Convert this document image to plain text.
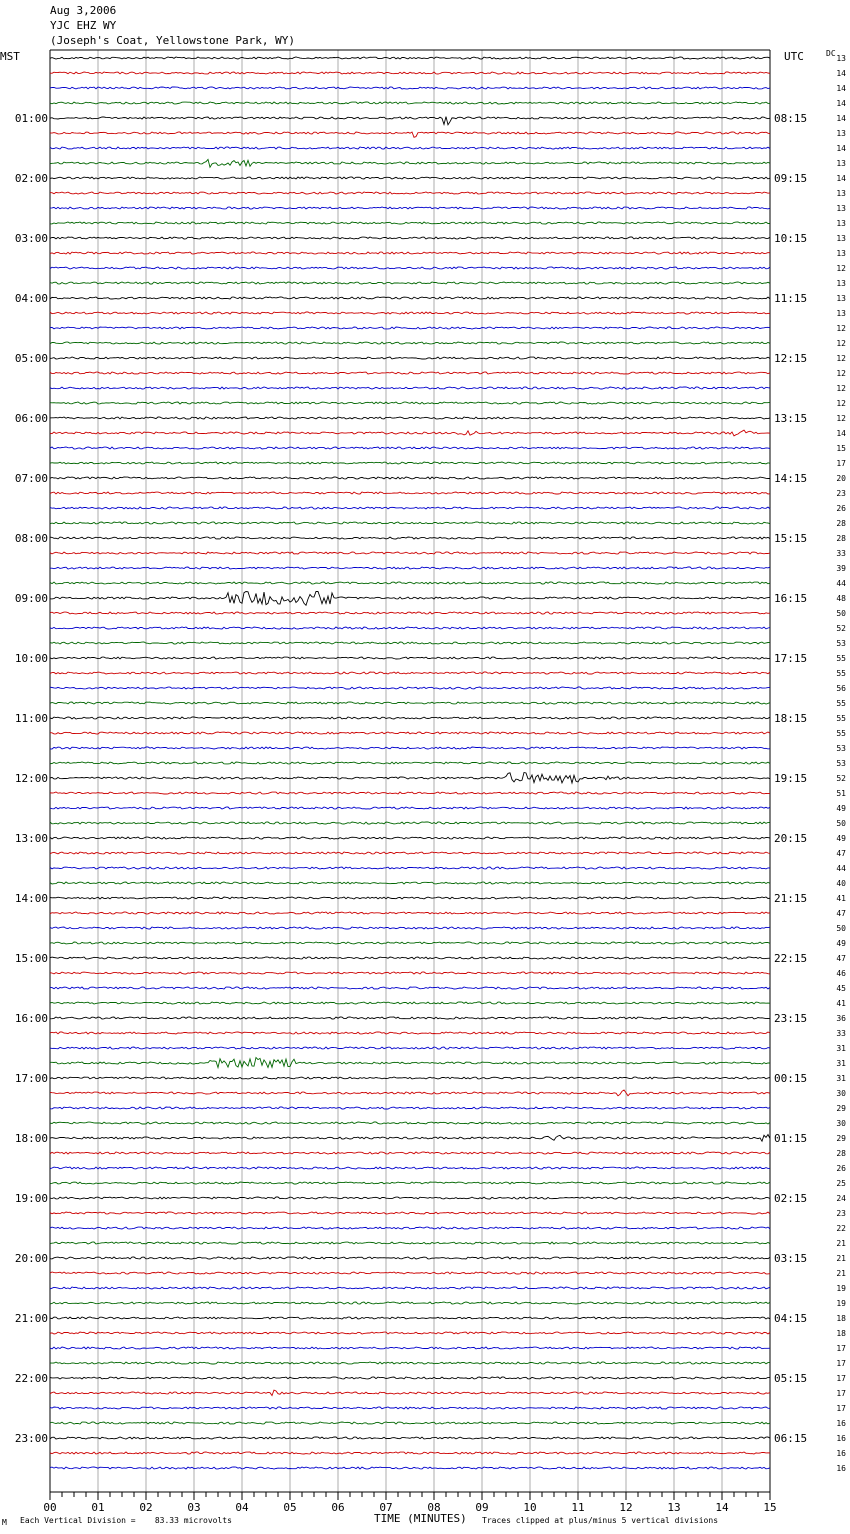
Aug 3,2006
YJC EHZ WY
(Joseph's Coat, Yellowstone Park, WY)
MST	UTC	DC
01:00
02:00
03:00
04:00
05:00
06:00
07:00
08:00
09:00
10:00
11:00
12:00
13:00
14:00
15:00
16:00
17:00
18:00
19:00
20:00
21:00
22:00
23:00
08:15
09:15
10:15
11:15
12:15
13:15
14:15
15:15
16:15
17:15
18:15
19:15
20:15
21:15
22:15
23:15
00:15
01:15
02:15
03:15
04:15
05:15
06:15
13
14
14
14
14
13
14
13
14
13
13
13
13
13
12
13
13
13
12
12
12
12
12
12
12
14
15
17
20
23
26
28
28
33
39
44
48
50
52
53
55
55
56
55
55
55
53
53
52
51
49
50
49
47
44
40
41
47
50
49
47
46
45
41
36
33
31
31
31
30
29
30
29
28
26
25
24
23
22
21
21
21
19
19
18
18
17
17
17
17
17
16
16
16
16
00	01	02	03	04	05	06	07	08	09	10	11	12	13	14	15
M Each Vertical Division =    83.33 microvolts	TIME (MINUTES) Traces clipped at plus/minus 5 vertical divisions
